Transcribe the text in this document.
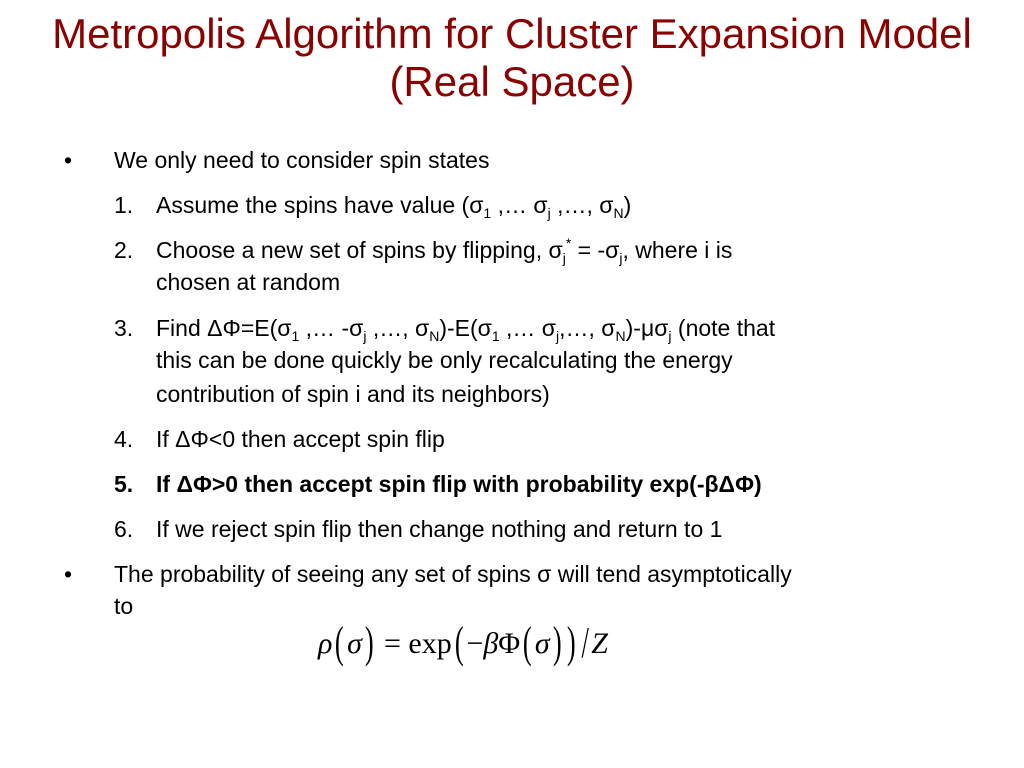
Metropolis Algorithm for Cluster Expansion Model
(Real Space)
• We only need to consider spin states
1. Assume the spins have value ($\sigma_1$ ,… $\sigma_j$ ,…, $\sigma_N$)
2. Choose a new set of spins by flipping, $\sigma_j^* = -\sigma_j$, where i is
chosen at random
3. Find $\Delta\Phi=E(\sigma_1$ ,… $-\sigma_j$ ,…, $\sigma_N)-E(\sigma_1$ ,… $\sigma_j,\dots$, $\sigma_N)-\mu\sigma_j$ (note that
this can be done quickly be only recalculating the energy
contribution of spin i and its neighbors)
4. If ΔΦ<0 then accept spin flip
5. If ΔΦ>0 then accept spin flip with probability exp(-βΔΦ)
6. If we reject spin flip then change nothing and return to 1
• The probability of seeing any set of spins σ will tend asymptotically
to
ρ(σ) = exp(−βΦ(σ) ) /Z
